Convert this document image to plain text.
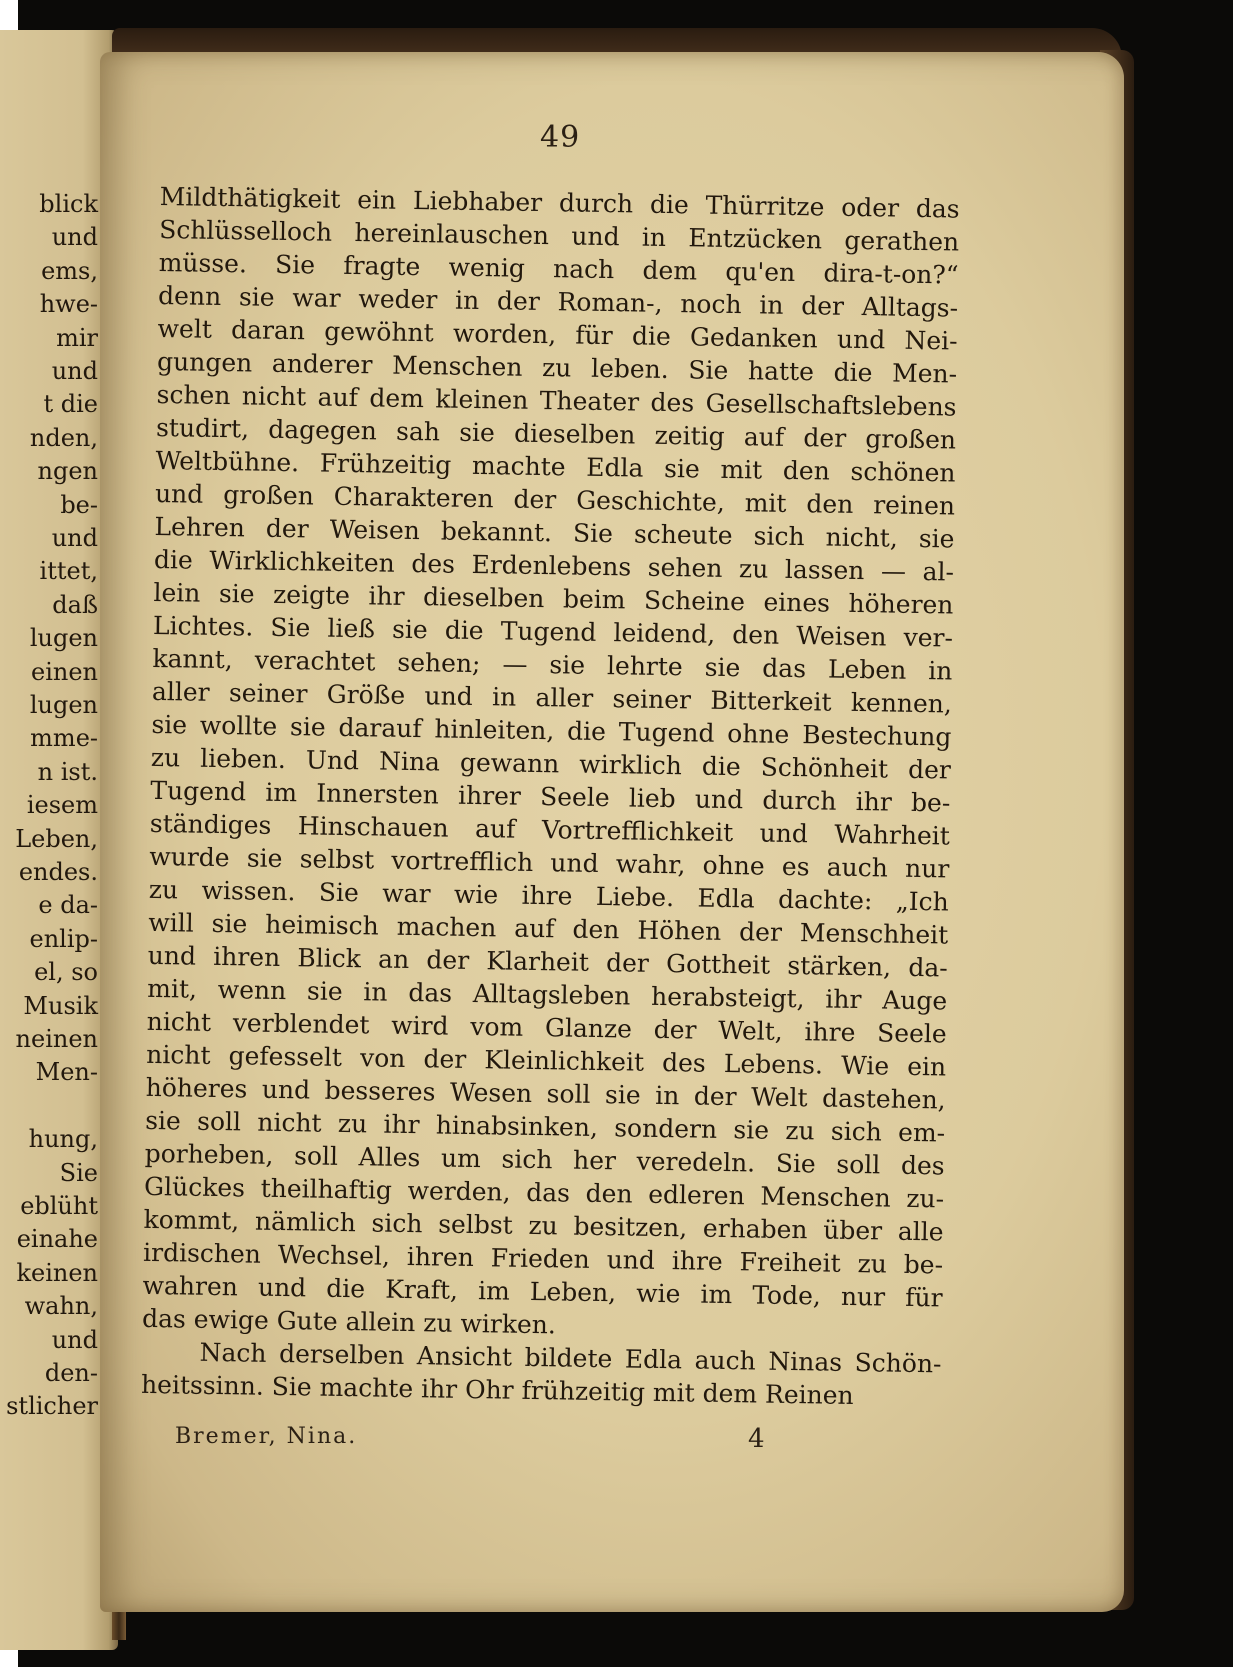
blick
und
ems,
hwe-
mir
und
t die
nden,
ngen
be-
und
ittet,
daß
lugen
einen
lugen
mme-
n ist.
iesem
Leben,
endes.
e da-
enlip-
el, so
Musik
neinen
Men-
hung,
Sie
eblüht
einahe
keinen
wahn,
und
den-
stlicher
49
Mildthätigkeit ein Liebhaber durch die Thürritze oder das
Schlüsselloch hereinlauschen und in Entzücken gerathen
müsse. Sie fragte wenig nach dem qu'en dira-t-on?“
denn sie war weder in der Roman-, noch in der Alltags-
welt daran gewöhnt worden, für die Gedanken und Nei-
gungen anderer Menschen zu leben. Sie hatte die Men-
schen nicht auf dem kleinen Theater des Gesellschaftslebens
studirt, dagegen sah sie dieselben zeitig auf der großen
Weltbühne. Frühzeitig machte Edla sie mit den schönen
und großen Charakteren der Geschichte, mit den reinen
Lehren der Weisen bekannt. Sie scheute sich nicht, sie
die Wirklichkeiten des Erdenlebens sehen zu lassen — al-
lein sie zeigte ihr dieselben beim Scheine eines höheren
Lichtes. Sie ließ sie die Tugend leidend, den Weisen ver-
kannt, verachtet sehen; — sie lehrte sie das Leben in
aller seiner Größe und in aller seiner Bitterkeit kennen,
sie wollte sie darauf hinleiten, die Tugend ohne Bestechung
zu lieben. Und Nina gewann wirklich die Schönheit der
Tugend im Innersten ihrer Seele lieb und durch ihr be-
ständiges Hinschauen auf Vortrefflichkeit und Wahrheit
wurde sie selbst vortrefflich und wahr, ohne es auch nur
zu wissen. Sie war wie ihre Liebe. Edla dachte: „Ich
will sie heimisch machen auf den Höhen der Menschheit
und ihren Blick an der Klarheit der Gottheit stärken, da-
mit, wenn sie in das Alltagsleben herabsteigt, ihr Auge
nicht verblendet wird vom Glanze der Welt, ihre Seele
nicht gefesselt von der Kleinlichkeit des Lebens. Wie ein
höheres und besseres Wesen soll sie in der Welt dastehen,
sie soll nicht zu ihr hinabsinken, sondern sie zu sich em-
porheben, soll Alles um sich her veredeln. Sie soll des
Glückes theilhaftig werden, das den edleren Menschen zu-
kommt, nämlich sich selbst zu besitzen, erhaben über alle
irdischen Wechsel, ihren Frieden und ihre Freiheit zu be-
wahren und die Kraft, im Leben, wie im Tode, nur für
das ewige Gute allein zu wirken.
Nach derselben Ansicht bildete Edla auch Ninas Schön-
heitssinn. Sie machte ihr Ohr frühzeitig mit dem Reinen
Bremer, Nina.	4
